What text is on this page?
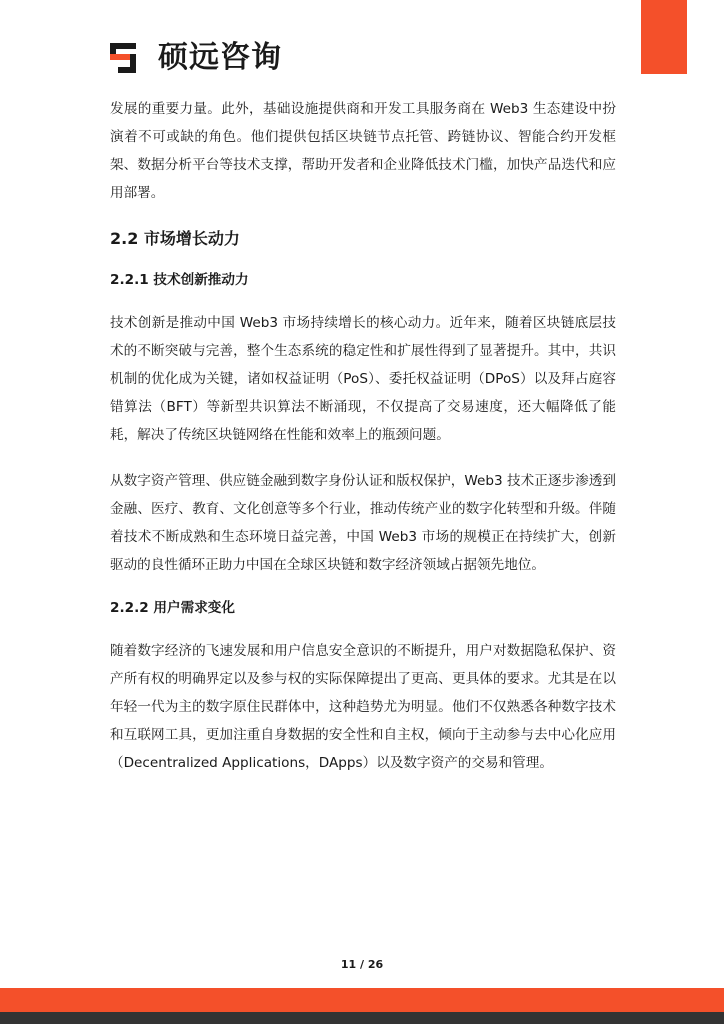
硕远咨询

发展的重要力量。此外，基础设施提供商和开发工具服务商在 Web3 生态建设中扮演着不可或缺的角色。他们提供包括区块链节点托管、跨链协议、智能合约开发框架、数据分析平台等技术支撑，帮助开发者和企业降低技术门槛，加快产品迭代和应用部署。

2.2 市场增长动力
2.2.1 技术创新推动力

技术创新是推动中国 Web3 市场持续增长的核心动力。近年来，随着区块链底层技术的不断突破与完善，整个生态系统的稳定性和扩展性得到了显著提升。其中，共识机制的优化成为关键，诸如权益证明（PoS）、委托权益证明（DPoS）以及拜占庭容错算法（BFT）等新型共识算法不断涌现，不仅提高了交易速度，还大幅降低了能耗，解决了传统区块链网络在性能和效率上的瓶颈问题。

从数字资产管理、供应链金融到数字身份认证和版权保护，Web3 技术正逐步渗透到金融、医疗、教育、文化创意等多个行业，推动传统产业的数字化转型和升级。伴随着技术不断成熟和生态环境日益完善，中国 Web3 市场的规模正在持续扩大，创新驱动的良性循环正助力中国在全球区块链和数字经济领域占据领先地位。

2.2.2 用户需求变化

随着数字经济的飞速发展和用户信息安全意识的不断提升，用户对数据隐私保护、资产所有权的明确界定以及参与权的实际保障提出了更高、更具体的要求。尤其是在以年轻一代为主的数字原住民群体中，这种趋势尤为明显。他们不仅熟悉各种数字技术和互联网工具，更加注重自身数据的安全性和自主权，倾向于主动参与去中心化应用（Decentralized Applications，DApps）以及数字资产的交易和管理。

11 / 26
